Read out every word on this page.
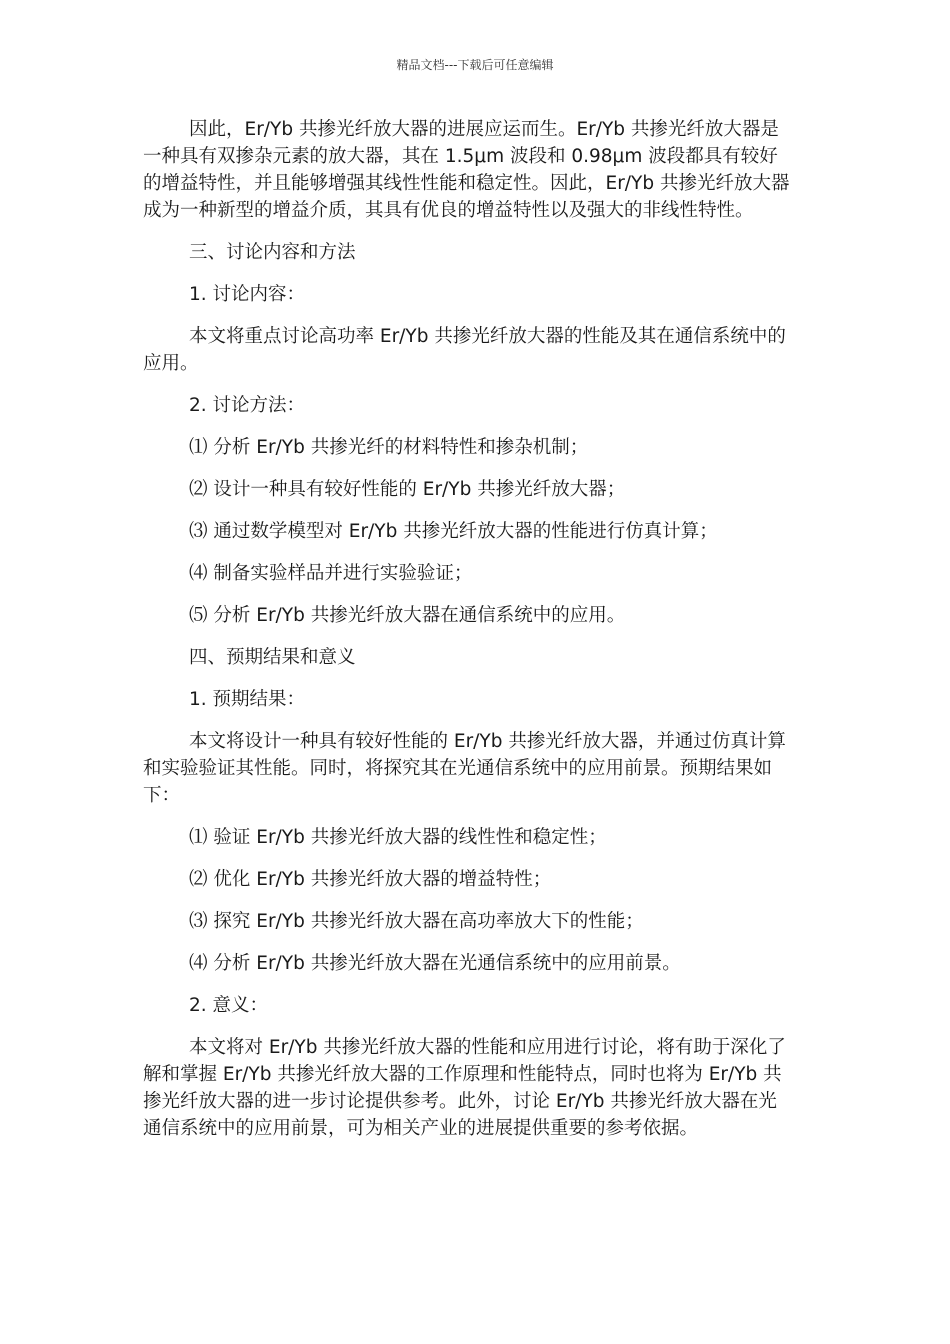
精品文档---下载后可任意编辑

因此，Er/Yb 共掺光纤放大器的进展应运而生。Er/Yb 共掺光纤放大器是一种具有双掺杂元素的放大器，其在 1.5μm 波段和 0.98μm 波段都具有较好的增益特性，并且能够增强其线性性能和稳定性。因此，Er/Yb 共掺光纤放大器成为一种新型的增益介质，其具有优良的增益特性以及强大的非线性特性。

三、讨论内容和方法

1. 讨论内容：

本文将重点讨论高功率 Er/Yb 共掺光纤放大器的性能及其在通信系统中的应用。

2. 讨论方法：

⑴ 分析 Er/Yb 共掺光纤的材料特性和掺杂机制；

⑵ 设计一种具有较好性能的 Er/Yb 共掺光纤放大器；

⑶ 通过数学模型对 Er/Yb 共掺光纤放大器的性能进行仿真计算；

⑷ 制备实验样品并进行实验验证；

⑸ 分析 Er/Yb 共掺光纤放大器在通信系统中的应用。

四、预期结果和意义

1. 预期结果：

本文将设计一种具有较好性能的 Er/Yb 共掺光纤放大器，并通过仿真计算和实验验证其性能。同时，将探究其在光通信系统中的应用前景。预期结果如下：

⑴ 验证 Er/Yb 共掺光纤放大器的线性性和稳定性；

⑵ 优化 Er/Yb 共掺光纤放大器的增益特性；

⑶ 探究 Er/Yb 共掺光纤放大器在高功率放大下的性能；

⑷ 分析 Er/Yb 共掺光纤放大器在光通信系统中的应用前景。

2. 意义：

本文将对 Er/Yb 共掺光纤放大器的性能和应用进行讨论，将有助于深化了解和掌握 Er/Yb 共掺光纤放大器的工作原理和性能特点，同时也将为 Er/Yb 共掺光纤放大器的进一步讨论提供参考。此外，讨论 Er/Yb 共掺光纤放大器在光通信系统中的应用前景，可为相关产业的进展提供重要的参考依据。
